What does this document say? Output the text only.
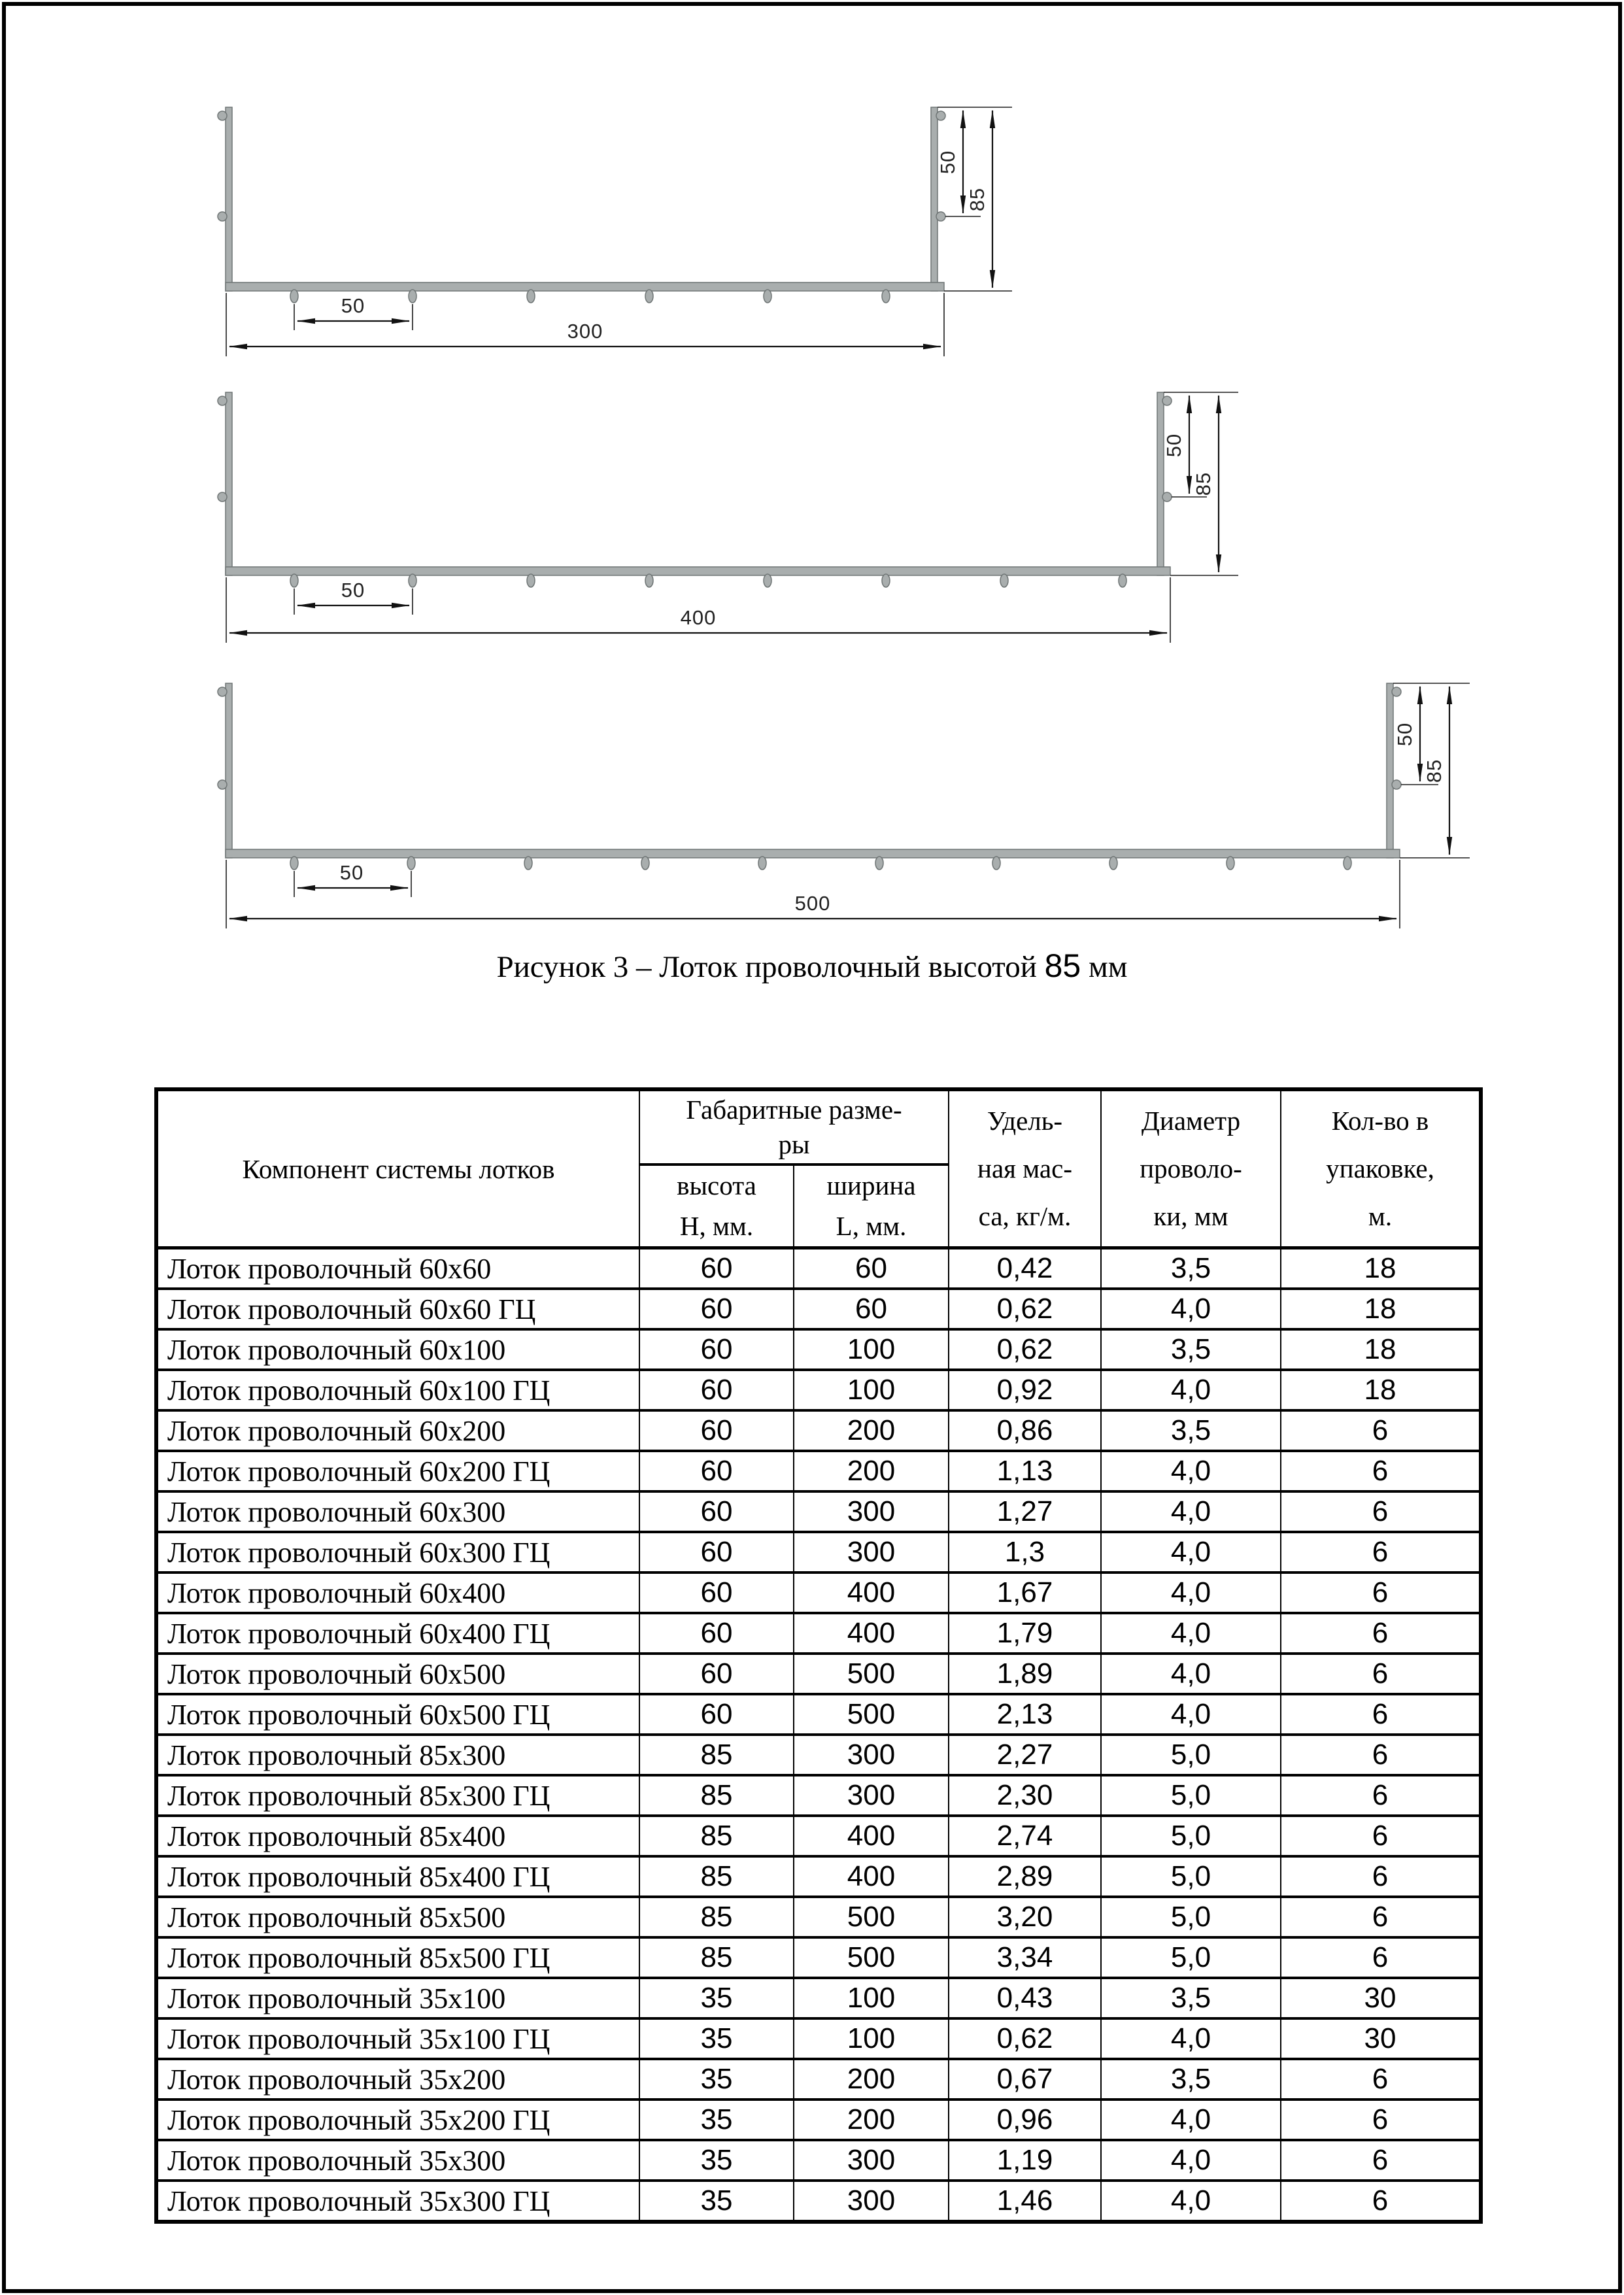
50
85
50
300
50
85
50
400
50
85
50
500
Рисунок 3 – Лоток проволочный высотой 85 мм
Компонент системы лотков	
Габаритные разме-
ры

Удель-
ная мас-
са, кг/м.

Диаметр
проволо-
ки, мм

Кол-во в
упаковке,
м.

высота
H, мм.

ширина
L, мм.

Лоток проволочный 60х60	60	60	0,42	3,5	18
Лоток проволочный 60х60 ГЦ	60	60	0,62	4,0	18
Лоток проволочный 60х100	60	100	0,62	3,5	18
Лоток проволочный 60х100 ГЦ	60	100	0,92	4,0	18
Лоток проволочный 60х200	60	200	0,86	3,5	6
Лоток проволочный 60х200 ГЦ	60	200	1,13	4,0	6
Лоток проволочный 60х300	60	300	1,27	4,0	6
Лоток проволочный 60х300 ГЦ	60	300	1,3	4,0	6
Лоток проволочный 60х400	60	400	1,67	4,0	6
Лоток проволочный 60х400 ГЦ	60	400	1,79	4,0	6
Лоток проволочный 60х500	60	500	1,89	4,0	6
Лоток проволочный 60х500 ГЦ	60	500	2,13	4,0	6
Лоток проволочный 85х300	85	300	2,27	5,0	6
Лоток проволочный 85х300 ГЦ	85	300	2,30	5,0	6
Лоток проволочный 85х400	85	400	2,74	5,0	6
Лоток проволочный 85х400 ГЦ	85	400	2,89	5,0	6
Лоток проволочный 85х500	85	500	3,20	5,0	6
Лоток проволочный 85х500 ГЦ	85	500	3,34	5,0	6
Лоток проволочный 35х100	35	100	0,43	3,5	30
Лоток проволочный 35х100 ГЦ	35	100	0,62	4,0	30
Лоток проволочный 35х200	35	200	0,67	3,5	6
Лоток проволочный 35х200 ГЦ	35	200	0,96	4,0	6
Лоток проволочный 35х300	35	300	1,19	4,0	6
Лоток проволочный 35х300 ГЦ	35	300	1,46	4,0	6
